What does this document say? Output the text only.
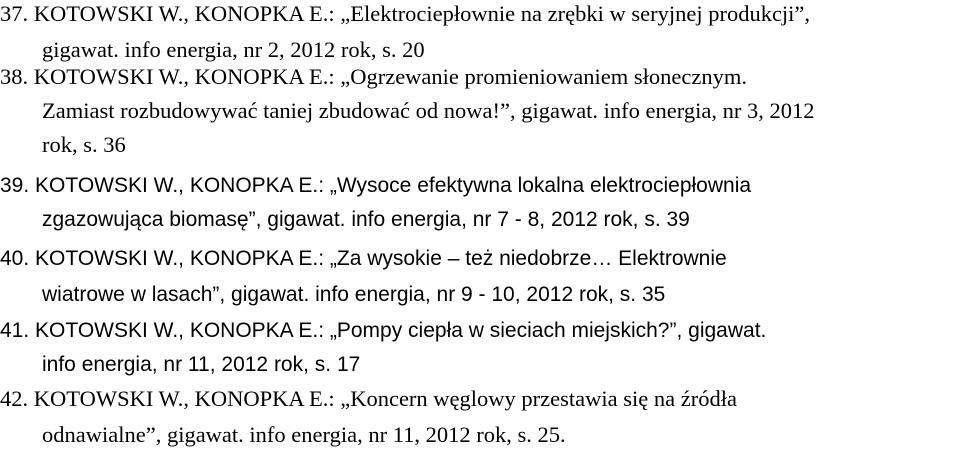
37. KOTOWSKI W., KONOPKA E.: „Elektrociepłownie na zrębki w seryjnej produkcji”,
gigawat. info energia, nr 2, 2012 rok, s. 20
38. KOTOWSKI W., KONOPKA E.: „Ogrzewanie promieniowaniem słonecznym.
Zamiast rozbudowywać taniej zbudować od nowa!”, gigawat. info energia, nr 3, 2012
rok, s. 36
39. KOTOWSKI W., KONOPKA E.: „Wysoce efektywna lokalna elektrociepłownia
zgazowująca biomasę”, gigawat. info energia, nr 7 - 8, 2012 rok, s. 39
40. KOTOWSKI W., KONOPKA E.: „Za wysokie – też niedobrze… Elektrownie
wiatrowe w lasach”, gigawat. info energia, nr 9 - 10, 2012 rok, s. 35
41. KOTOWSKI W., KONOPKA E.: „Pompy ciepła w sieciach miejskich?”, gigawat.
info energia, nr 11, 2012 rok, s. 17
42. KOTOWSKI W., KONOPKA E.: „Koncern węglowy przestawia się na źródła
odnawialne”, gigawat. info energia, nr 11, 2012 rok, s. 25.
